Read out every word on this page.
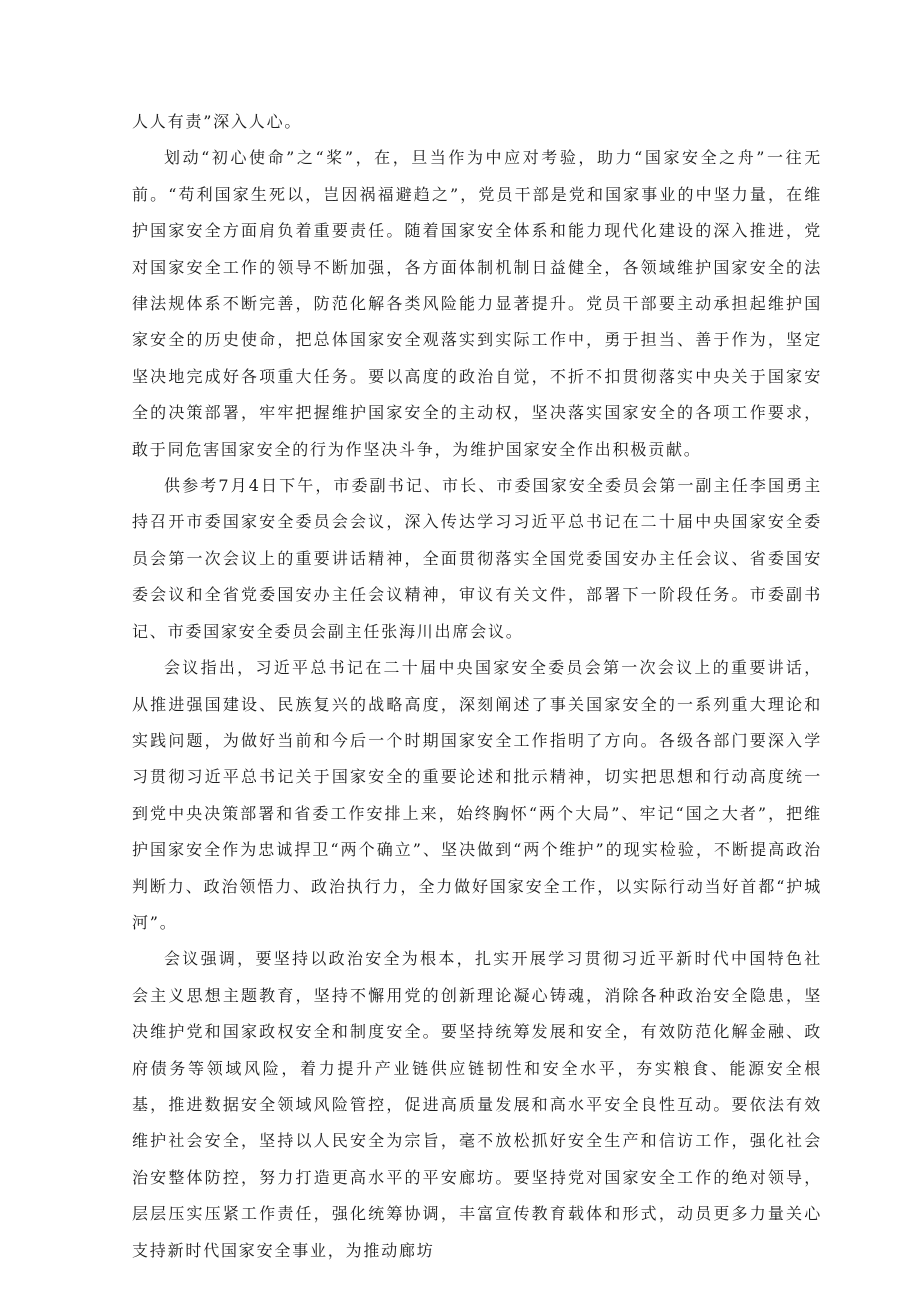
人人有责”深入人心。

划动“初心使命”之“桨”，在，旦当作为中应对考验，助力“国家安全之舟”一往无前。“苟利国家生死以，岂因祸福避趋之”，党员干部是党和国家事业的中坚力量，在维护国家安全方面肩负着重要责任。随着国家安全体系和能力现代化建设的深入推进，党对国家安全工作的领导不断加强，各方面体制机制日益健全，各领域维护国家安全的法律法规体系不断完善，防范化解各类风险能力显著提升。党员干部要主动承担起维护国家安全的历史使命，把总体国家安全观落实到实际工作中，勇于担当、善于作为，坚定坚决地完成好各项重大任务。要以高度的政治自觉，不折不扣贯彻落实中央关于国家安全的决策部署，牢牢把握维护国家安全的主动权，坚决落实国家安全的各项工作要求，敢于同危害国家安全的行为作坚决斗争，为维护国家安全作出积极贡献。

供参考7月4日下午，市委副书记、市长、市委国家安全委员会第一副主任李国勇主持召开市委国家安全委员会会议，深入传达学习习近平总书记在二十届中央国家安全委员会第一次会议上的重要讲话精神，全面贯彻落实全国党委国安办主任会议、省委国安委会议和全省党委国安办主任会议精神，审议有关文件，部署下一阶段任务。市委副书记、市委国家安全委员会副主任张海川出席会议。

会议指出，习近平总书记在二十届中央国家安全委员会第一次会议上的重要讲话，从推进强国建设、民族复兴的战略高度，深刻阐述了事关国家安全的一系列重大理论和实践问题，为做好当前和今后一个时期国家安全工作指明了方向。各级各部门要深入学习贯彻习近平总书记关于国家安全的重要论述和批示精神，切实把思想和行动高度统一到党中央决策部署和省委工作安排上来，始终胸怀“两个大局”、牢记“国之大者”，把维护国家安全作为忠诚捍卫“两个确立”、坚决做到“两个维护”的现实检验，不断提高政治判断力、政治领悟力、政治执行力，全力做好国家安全工作，以实际行动当好首都“护城河”。

会议强调，要坚持以政治安全为根本，扎实开展学习贯彻习近平新时代中国特色社会主义思想主题教育，坚持不懈用党的创新理论凝心铸魂，消除各种政治安全隐患，坚决维护党和国家政权安全和制度安全。要坚持统筹发展和安全，有效防范化解金融、政府债务等领域风险，着力提升产业链供应链韧性和安全水平，夯实粮食、能源安全根基，推进数据安全领域风险管控，促进高质量发展和高水平安全良性互动。要依法有效维护社会安全，坚持以人民安全为宗旨，毫不放松抓好安全生产和信访工作，强化社会治安整体防控，努力打造更高水平的平安廊坊。要坚持党对国家安全工作的绝对领导，层层压实压紧工作责任，强化统筹协调，丰富宣传教育载体和形式，动员更多力量关心支持新时代国家安全事业，为推动廊坊
